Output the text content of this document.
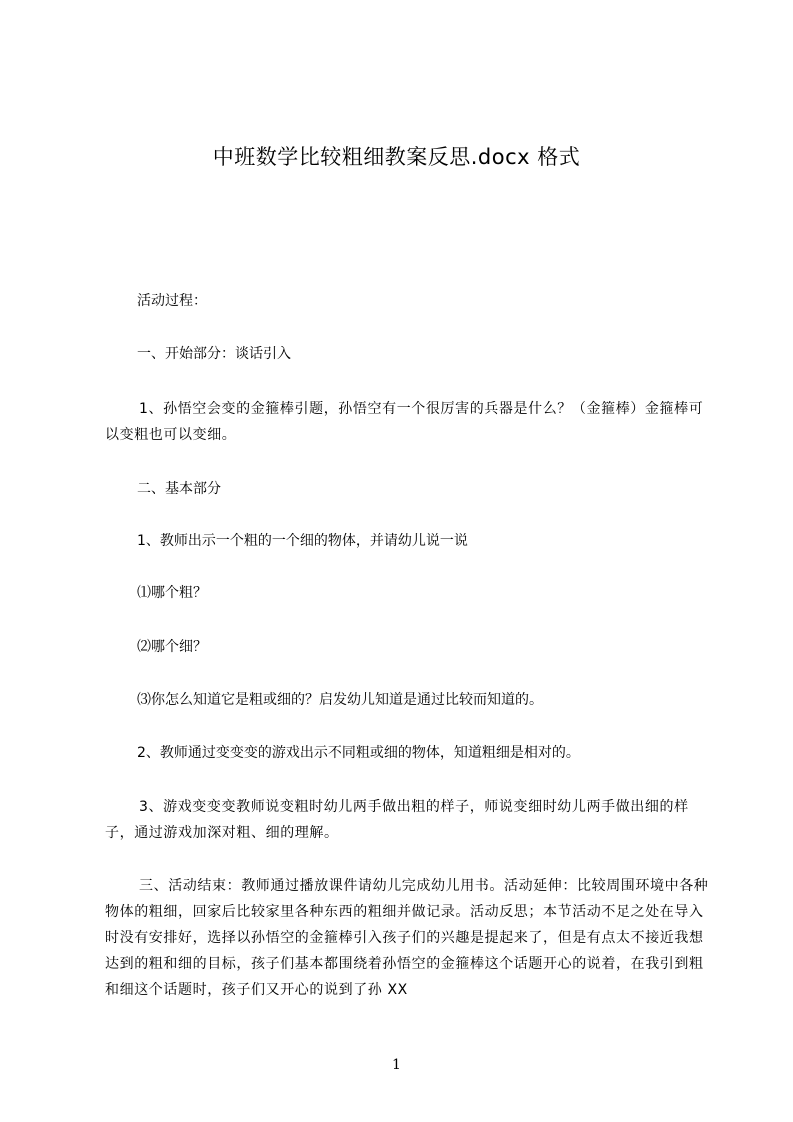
中班数学比较粗细教案反思.docx 格式
活动过程：
一、开始部分：谈话引入
1、孙悟空会变的金箍棒引题，孙悟空有一个很厉害的兵器是什么？（金箍棒）金箍棒可以变粗也可以变细。
二、基本部分
1、教师出示一个粗的一个细的物体，并请幼儿说一说
⑴哪个粗？
⑵哪个细？
⑶你怎么知道它是粗或细的？启发幼儿知道是通过比较而知道的。
2、教师通过变变变的游戏出示不同粗或细的物体，知道粗细是相对的。
3、游戏变变变教师说变粗时幼儿两手做出粗的样子，师说变细时幼儿两手做出细的样子，通过游戏加深对粗、细的理解。
三、活动结束：教师通过播放课件请幼儿完成幼儿用书。活动延伸：比较周围环境中各种物体的粗细，回家后比较家里各种东西的粗细并做记录。活动反思；本节活动不足之处在导入时没有安排好，选择以孙悟空的金箍棒引入孩子们的兴趣是提起来了，但是有点太不接近我想达到的粗和细的目标，孩子们基本都围绕着孙悟空的金箍棒这个话题开心的说着，在我引到粗和细这个话题时，孩子们又开心的说到了孙 XX
1
